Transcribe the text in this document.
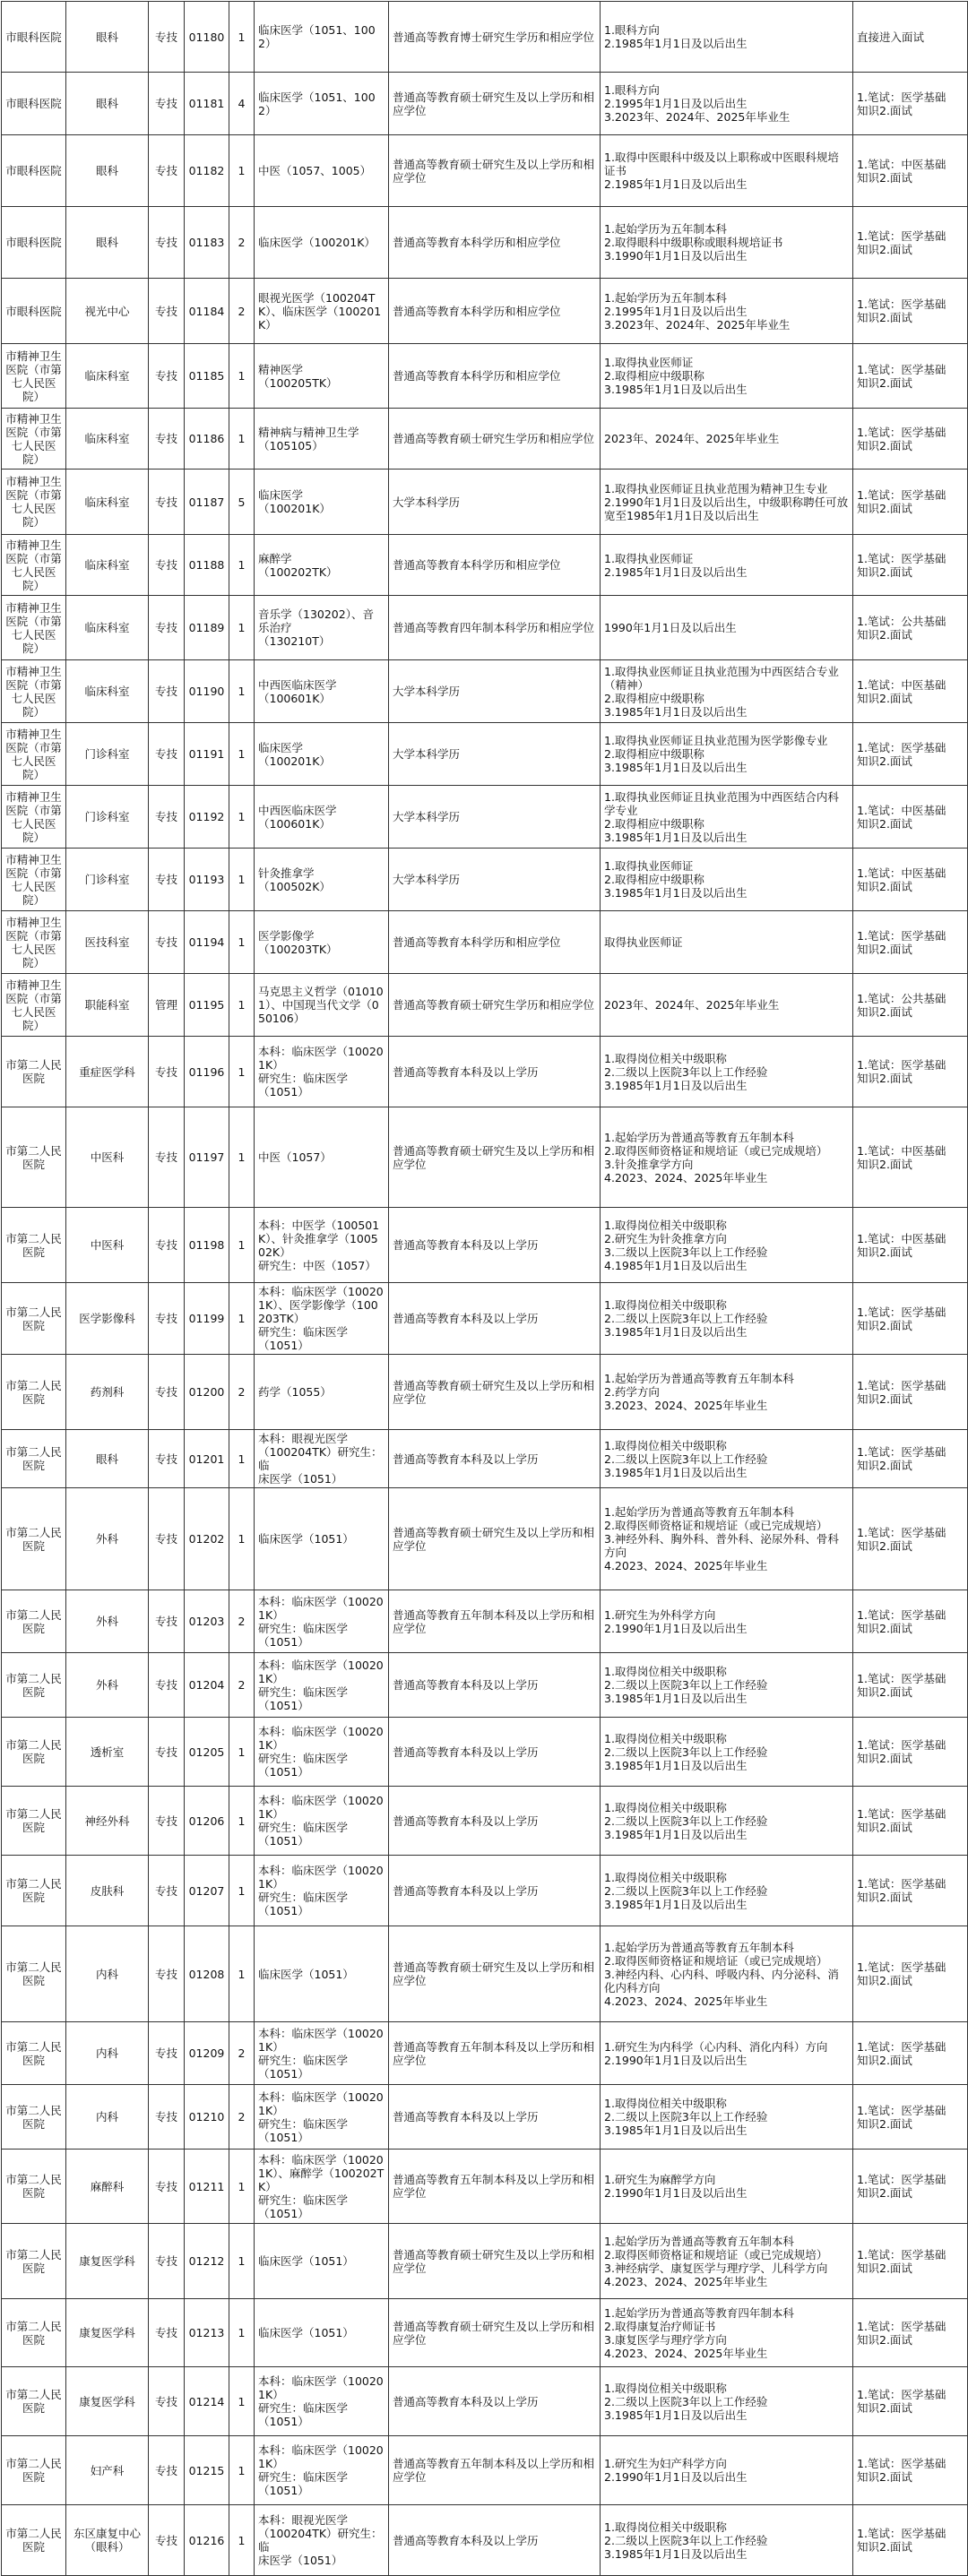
市眼科医院	眼科	专技	01180	1	临床医学（1051、1002）	普通高等教育博士研究生学历和相应学位	1.眼科方向
2.1985年1月1日及以后出生	直接进入面试

市眼科医院	眼科	专技	01181	4	临床医学（1051、1002）	普通高等教育硕士研究生及以上学历和相应学位	1.眼科方向
2.1995年1月1日及以后出生
3.2023年、2024年、2025年毕业生	1.笔试：医学基础
知识2.面试

市眼科医院	眼科	专技	01182	1	中医（1057、1005）	普通高等教育硕士研究生及以上学历和相应学位	1.取得中医眼科中级及以上职称或中医眼科规培证书
2.1985年1月1日及以后出生	1.笔试：中医基础
知识2.面试

市眼科医院	眼科	专技	01183	2	临床医学（100201K）	普通高等教育本科学历和相应学位	1.起始学历为五年制本科
2.取得眼科中级职称或眼科规培证书
3.1990年1月1日及以后出生	1.笔试：医学基础
知识2.面试

市眼科医院	视光中心	专技	01184	2	眼视光医学（100204TK）、临床医学（100201K）	普通高等教育本科学历和相应学位	1.起始学历为五年制本科
2.1995年1月1日及以后出生
3.2023年、2024年、2025年毕业生	1.笔试：医学基础
知识2.面试

市精神卫生医院（市第七人民医院）	临床科室	专技	01185	1	精神医学
（100205TK）	普通高等教育本科学历和相应学位	1.取得执业医师证
2.取得相应中级职称
3.1985年1月1日及以后出生	1.笔试：医学基础
知识2.面试

市精神卫生医院（市第七人民医院）	临床科室	专技	01186	1	精神病与精神卫生学
（105105）	普通高等教育硕士研究生学历和相应学位	2023年、2024年、2025年毕业生	1.笔试：医学基础
知识2.面试

市精神卫生医院（市第七人民医院）	临床科室	专技	01187	5	临床医学
（100201K）	大学本科学历	1.取得执业医师证且执业范围为精神卫生专业
2.1990年1月1日及以后出生，中级职称聘任可放宽至1985年1月1日及以后出生	1.笔试：医学基础
知识2.面试

市精神卫生医院（市第七人民医院）	临床科室	专技	01188	1	麻醉学
（100202TK）	普通高等教育本科学历和相应学位	1.取得执业医师证
2.1985年1月1日及以后出生	1.笔试：医学基础
知识2.面试

市精神卫生医院（市第七人民医院）	临床科室	专技	01189	1	音乐学（130202）、音乐治疗
（130210T）	普通高等教育四年制本科学历和相应学位	1990年1月1日及以后出生	1.笔试：公共基础
知识2.面试

市精神卫生医院（市第七人民医院）	临床科室	专技	01190	1	中西医临床医学
（100601K）	大学本科学历	1.取得执业医师证且执业范围为中西医结合专业（精神）
2.取得相应中级职称
3.1985年1月1日及以后出生	1.笔试：中医基础
知识2.面试

市精神卫生医院（市第七人民医院）	门诊科室	专技	01191	1	临床医学
（100201K）	大学本科学历	1.取得执业医师证且执业范围为医学影像专业
2.取得相应中级职称
3.1985年1月1日及以后出生	1.笔试：医学基础
知识2.面试

市精神卫生医院（市第七人民医院）	门诊科室	专技	01192	1	中西医临床医学
（100601K）	大学本科学历	1.取得执业医师证且执业范围为中西医结合内科学专业
2.取得相应中级职称
3.1985年1月1日及以后出生	1.笔试：中医基础
知识2.面试

市精神卫生医院（市第七人民医院）	门诊科室	专技	01193	1	针灸推拿学
（100502K）	大学本科学历	1.取得执业医师证
2.取得相应中级职称
3.1985年1月1日及以后出生	1.笔试：中医基础
知识2.面试

市精神卫生医院（市第七人民医院）	医技科室	专技	01194	1	医学影像学
（100203TK）	普通高等教育本科学历和相应学位	取得执业医师证	1.笔试：医学基础
知识2.面试

市精神卫生医院（市第七人民医院）	职能科室	管理	01195	1	马克思主义哲学（010101）、中国现当代文学（050106）	普通高等教育硕士研究生学历和相应学位	2023年、2024年、2025年毕业生	1.笔试：公共基础
知识2.面试

市第二人民医院	重症医学科	专技	01196	1	本科：临床医学（100201K）
研究生：临床医学
（1051）	普通高等教育本科及以上学历	1.取得岗位相关中级职称
2.二级以上医院3年以上工作经验
3.1985年1月1日及以后出生	1.笔试：医学基础
知识2.面试

市第二人民医院	中医科	专技	01197	1	中医（1057）	普通高等教育硕士研究生及以上学历和相应学位	1.起始学历为普通高等教育五年制本科
2.取得医师资格证和规培证（或已完成规培）
3.针灸推拿学方向
4.2023、2024、2025年毕业生	1.笔试：中医基础
知识2.面试

市第二人民医院	中医科	专技	01198	1	本科：中医学（100501K）、针灸推拿学（100502K）
研究生：中医（1057）	普通高等教育本科及以上学历	1.取得岗位相关中级职称
2.研究生为针灸推拿方向
3.二级以上医院3年以上工作经验
4.1985年1月1日及以后出生	1.笔试：中医基础
知识2.面试

市第二人民医院	医学影像科	专技	01199	1	本科：临床医学（100201K）、医学影像学（100203TK）
研究生：临床医学
（1051）	普通高等教育本科及以上学历	1.取得岗位相关中级职称
2.二级以上医院3年以上工作经验
3.1985年1月1日及以后出生	1.笔试：医学基础
知识2.面试

市第二人民医院	药剂科	专技	01200	2	药学（1055）	普通高等教育硕士研究生及以上学历和相应学位	1.起始学历为普通高等教育五年制本科
2.药学方向
3.2023、2024、2025年毕业生	1.笔试：医学基础
知识2.面试

市第二人民医院	眼科	专技	01201	1	本科：眼视光医学
（100204TK）研究生：临
床医学（1051）	普通高等教育本科及以上学历	1.取得岗位相关中级职称
2.二级以上医院3年以上工作经验
3.1985年1月1日及以后出生	1.笔试：医学基础
知识2.面试

市第二人民医院	外科	专技	01202	1	临床医学（1051）	普通高等教育硕士研究生及以上学历和相应学位	1.起始学历为普通高等教育五年制本科
2.取得医师资格证和规培证（或已完成规培）
3.神经外科、胸外科、普外科、泌尿外科、骨科方向
4.2023、2024、2025年毕业生	1.笔试：医学基础
知识2.面试

市第二人民医院	外科	专技	01203	2	本科：临床医学（100201K）
研究生：临床医学
（1051）	普通高等教育五年制本科及以上学历和相应学位	1.研究生为外科学方向
2.1990年1月1日及以后出生	1.笔试：医学基础
知识2.面试

市第二人民医院	外科	专技	01204	2	本科：临床医学（100201K）
研究生：临床医学
（1051）	普通高等教育本科及以上学历	1.取得岗位相关中级职称
2.二级以上医院3年以上工作经验
3.1985年1月1日及以后出生	1.笔试：医学基础
知识2.面试

市第二人民医院	透析室	专技	01205	1	本科：临床医学（100201K）
研究生：临床医学
（1051）	普通高等教育本科及以上学历	1.取得岗位相关中级职称
2.二级以上医院3年以上工作经验
3.1985年1月1日及以后出生	1.笔试：医学基础
知识2.面试

市第二人民医院	神经外科	专技	01206	1	本科：临床医学（100201K）
研究生：临床医学
（1051）	普通高等教育本科及以上学历	1.取得岗位相关中级职称
2.二级以上医院3年以上工作经验
3.1985年1月1日及以后出生	1.笔试：医学基础
知识2.面试

市第二人民医院	皮肤科	专技	01207	1	本科：临床医学（100201K）
研究生：临床医学
（1051）	普通高等教育本科及以上学历	1.取得岗位相关中级职称
2.二级以上医院3年以上工作经验
3.1985年1月1日及以后出生	1.笔试：医学基础
知识2.面试

市第二人民医院	内科	专技	01208	1	临床医学（1051）	普通高等教育硕士研究生及以上学历和相应学位	1.起始学历为普通高等教育五年制本科
2.取得医师资格证和规培证（或已完成规培）
3.神经内科、心内科、呼吸内科、内分泌科、消化内科方向
4.2023、2024、2025年毕业生	1.笔试：医学基础
知识2.面试

市第二人民医院	内科	专技	01209	2	本科：临床医学（100201K）
研究生：临床医学
（1051）	普通高等教育五年制本科及以上学历和相应学位	1.研究生为内科学（心内科、消化内科）方向
2.1990年1月1日及以后出生	1.笔试：医学基础
知识2.面试

市第二人民医院	内科	专技	01210	2	本科：临床医学（100201K）
研究生：临床医学
（1051）	普通高等教育本科及以上学历	1.取得岗位相关中级职称
2.二级以上医院3年以上工作经验
3.1985年1月1日及以后出生	1.笔试：医学基础
知识2.面试

市第二人民医院	麻醉科	专技	01211	1	本科：临床医学（100201K）、麻醉学（100202TK）
研究生：临床医学
（1051）	普通高等教育五年制本科及以上学历和相应学位	1.研究生为麻醉学方向
2.1990年1月1日及以后出生	1.笔试：医学基础
知识2.面试

市第二人民医院	康复医学科	专技	01212	1	临床医学（1051）	普通高等教育硕士研究生及以上学历和相应学位	1.起始学历为普通高等教育五年制本科
2.取得医师资格证和规培证（或已完成规培）
3.神经病学、康复医学与理疗学、儿科学方向
4.2023、2024、2025年毕业生	1.笔试：医学基础
知识2.面试

市第二人民医院	康复医学科	专技	01213	1	临床医学（1051）	普通高等教育硕士研究生及以上学历和相应学位	1.起始学历为普通高等教育四年制本科
2.取得康复治疗师证书
3.康复医学与理疗学方向
4.2023、2024、2025年毕业生	1.笔试：医学基础
知识2.面试

市第二人民医院	康复医学科	专技	01214	1	本科：临床医学（100201K）
研究生：临床医学
（1051）	普通高等教育本科及以上学历	1.取得岗位相关中级职称
2.二级以上医院3年以上工作经验
3.1985年1月1日及以后出生	1.笔试：医学基础
知识2.面试

市第二人民医院	妇产科	专技	01215	1	本科：临床医学（100201K）
研究生：临床医学
（1051）	普通高等教育五年制本科及以上学历和相应学位	1.研究生为妇产科学方向
2.1990年1月1日及以后出生	1.笔试：医学基础
知识2.面试

市第二人民医院	东区康复中心（眼科）	专技	01216	1	本科：眼视光医学
（100204TK）研究生：临
床医学（1051）	普通高等教育本科及以上学历	1.取得岗位相关中级职称
2.二级以上医院3年以上工作经验
3.1985年1月1日及以后出生	1.笔试：医学基础
知识2.面试
